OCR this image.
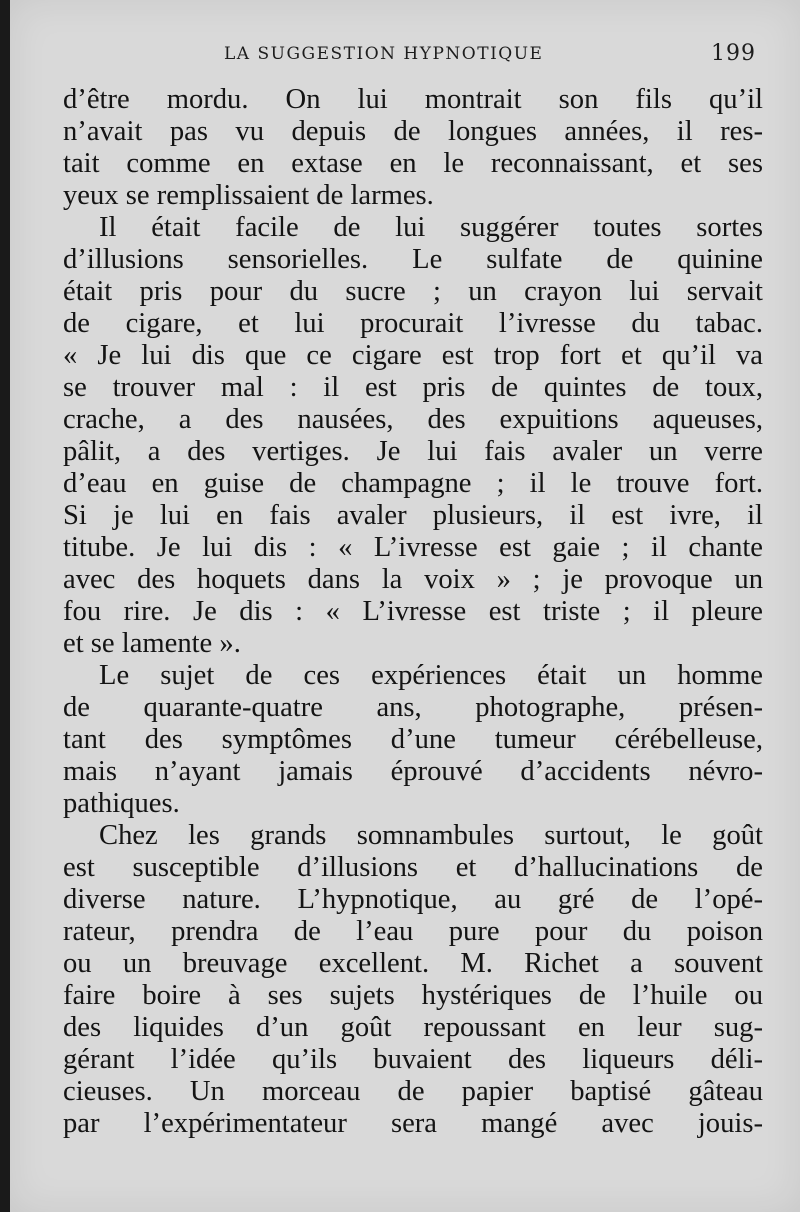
LA SUGGESTION HYPNOTIQUE	199
d’être mordu. On lui montrait son fils qu’il
n’avait pas vu depuis de longues années, il res-
tait comme en extase en le reconnaissant, et ses
yeux se remplissaient de larmes.
Il était facile de lui suggérer toutes sortes
d’illusions sensorielles. Le sulfate de quinine
était pris pour du sucre ; un crayon lui servait
de cigare, et lui procurait l’ivresse du tabac.
« Je lui dis que ce cigare est trop fort et qu’il va
se trouver mal : il est pris de quintes de toux,
crache, a des nausées, des expuitions aqueuses,
pâlit, a des vertiges. Je lui fais avaler un verre
d’eau en guise de champagne ; il le trouve fort.
Si je lui en fais avaler plusieurs, il est ivre, il
titube. Je lui dis : « L’ivresse est gaie ; il chante
avec des hoquets dans la voix » ; je provoque un
fou rire. Je dis : « L’ivresse est triste ; il pleure
et se lamente ».
Le sujet de ces expériences était un homme
de quarante-quatre ans, photographe, présen-
tant des symptômes d’une tumeur cérébelleuse,
mais n’ayant jamais éprouvé d’accidents névro-
pathiques.
Chez les grands somnambules surtout, le goût
est susceptible d’illusions et d’hallucinations de
diverse nature. L’hypnotique, au gré de l’opé-
rateur, prendra de l’eau pure pour du poison
ou un breuvage excellent. M. Richet a souvent
faire boire à ses sujets hystériques de l’huile ou
des liquides d’un goût repoussant en leur sug-
gérant l’idée qu’ils buvaient des liqueurs déli-
cieuses. Un morceau de papier baptisé gâteau
par l’expérimentateur sera mangé avec jouis-
